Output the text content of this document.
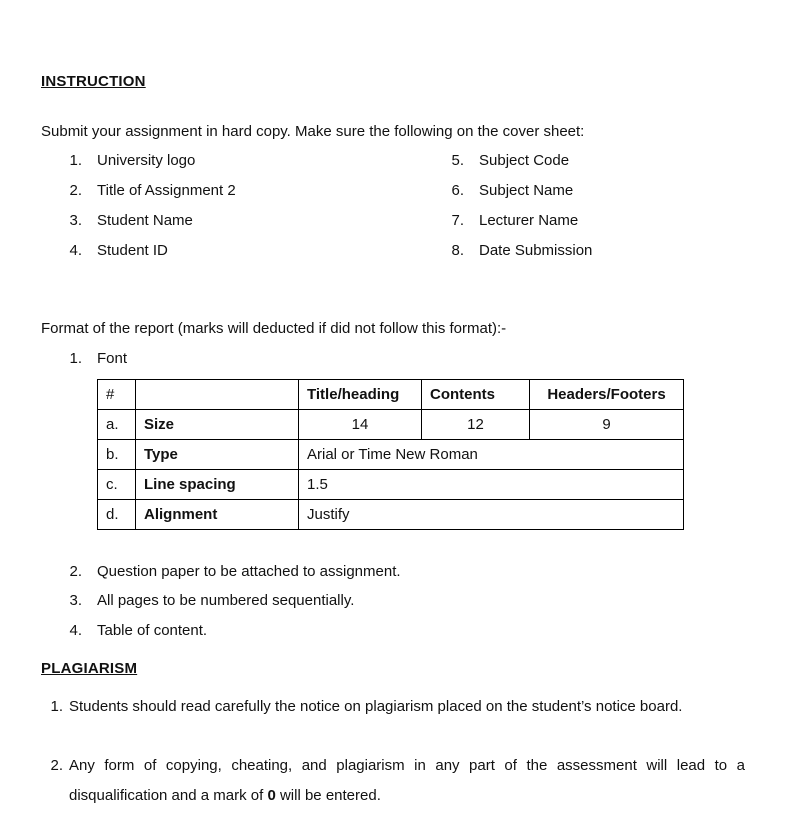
INSTRUCTION
Submit your assignment in hard copy. Make sure the following on the cover sheet:
1. University logo
2. Title of Assignment 2
3. Student Name
4. Student ID
5. Subject Code
6. Subject Name
7. Lecturer Name
8. Date Submission
Format of the report (marks will deducted if did not follow this format):-
1. Font
#		Title/heading	Contents	Headers/Footers
a.	Size	14	12	9
b.	Type	Arial or Time New Roman		
c.	Line spacing	1.5		
d.	Alignment	Justify		
2. Question paper to be attached to assignment.
3. All pages to be numbered sequentially.
4. Table of content.
PLAGIARISM
1. Students should read carefully the notice on plagiarism placed on the student’s notice board.
2. Any form of copying, cheating, and plagiarism in any part of the assessment will lead to a disqualification and a mark of 0 will be entered.
